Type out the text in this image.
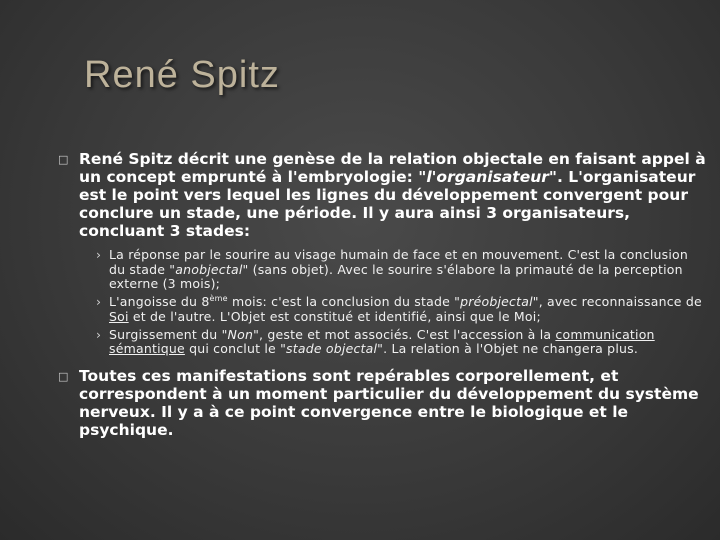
René Spitz
□ René Spitz décrit une genèse de la relation objectale en faisant appel à un concept emprunté à l'embryologie: "l'organisateur". L'organisateur est le point vers lequel les lignes du développement convergent pour conclure un stade, une période. Il y aura ainsi 3 organisateurs, concluant 3 stades:
› La réponse par le sourire au visage humain de face et en mouvement. C'est la conclusion du stade "anobjectal" (sans objet). Avec le sourire s'élabore la primauté de la perception externe (3 mois);
› L'angoisse du 8ème mois: c'est la conclusion du stade "préobjectal", avec reconnaissance de Soi et de l'autre. L'Objet est constitué et identifié, ainsi que le Moi;
› Surgissement du "Non", geste et mot associés. C'est l'accession à la communication sémantique qui conclut le "stade objectal". La relation à l'Objet ne changera plus.
□ Toutes ces manifestations sont repérables corporellement, et correspondent à un moment particulier du développement du système nerveux. Il y a à ce point convergence entre le biologique et le psychique.
